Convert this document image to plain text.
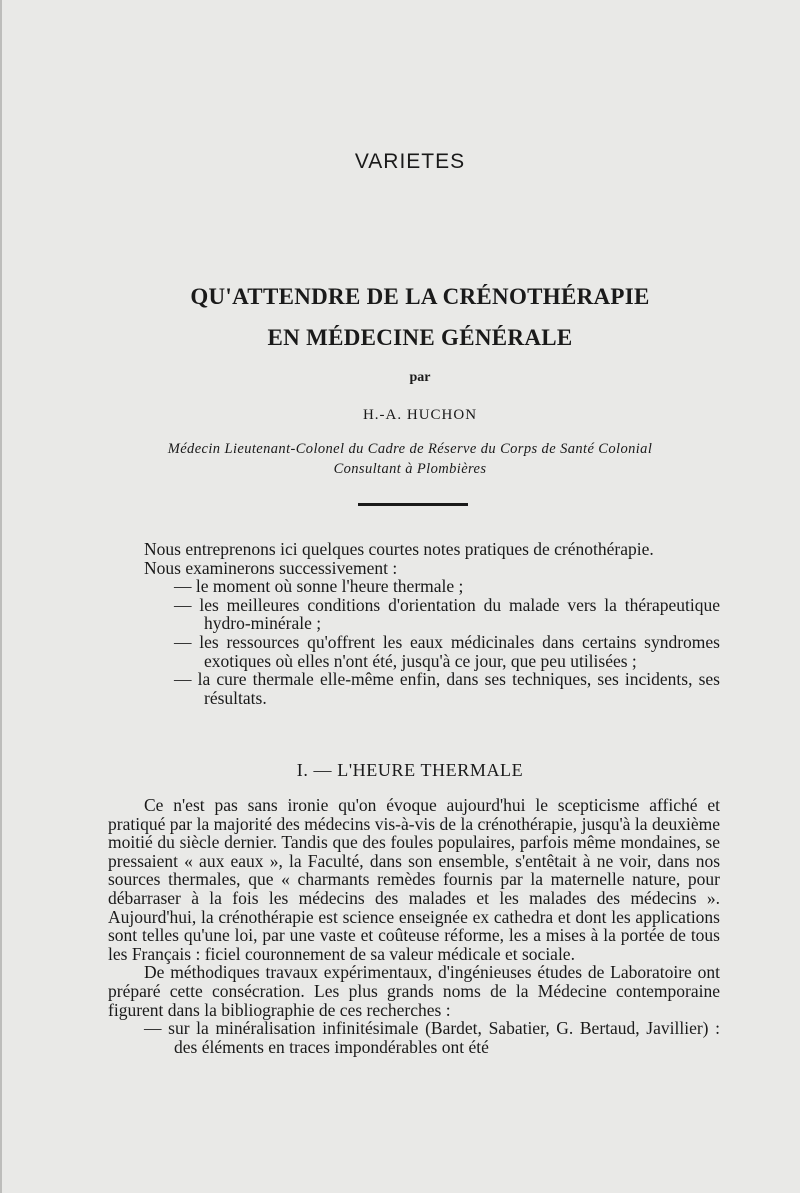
VARIETES
QU'ATTENDRE DE LA CRÉNOTHÉRAPIE
EN MÉDECINE GÉNÉRALE
par
H.-A. HUCHON
Médecin Lieutenant-Colonel du Cadre de Réserve du Corps de Santé Colonial
Consultant à Plombières

Nous entreprenons ici quelques courtes notes pratiques de crénothérapie.

Nous examinerons successivement :

— le moment où sonne l'heure thermale ;

— les meilleures conditions d'orientation du malade vers la thérapeutique hydro-minérale ;

— les ressources qu'offrent les eaux médicinales dans certains syndromes exotiques où elles n'ont été, jusqu'à ce jour, que peu utilisées ;

— la cure thermale elle-même enfin, dans ses techniques, ses incidents, ses résultats.

I. — L'HEURE THERMALE

Ce n'est pas sans ironie qu'on évoque aujourd'hui le scepticisme affiché et pratiqué par la majorité des médecins vis-à-vis de la crénothérapie, jusqu'à la deuxième moitié du siècle dernier. Tandis que des foules populaires, parfois même mondaines, se pressaient « aux eaux », la Faculté, dans son ensemble, s'entêtait à ne voir, dans nos sources thermales, que « charmants remèdes fournis par la maternelle nature, pour débarraser à la fois les médecins des malades et les malades des médecins ». Aujourd'hui, la crénothérapie est science enseignée ex cathedra et dont les applications sont telles qu'une loi, par une vaste et coûteuse réforme, les a mises à la portée de tous les Français : ficiel couronnement de sa valeur médicale et sociale.

De méthodiques travaux expérimentaux, d'ingénieuses études de Laboratoire ont préparé cette consécration. Les plus grands noms de la Médecine contemporaine figurent dans la bibliographie de ces recherches :

— sur la minéralisation infinitésimale (Bardet, Sabatier, G. Bertaud, Javillier) : des éléments en traces impondérables ont été
